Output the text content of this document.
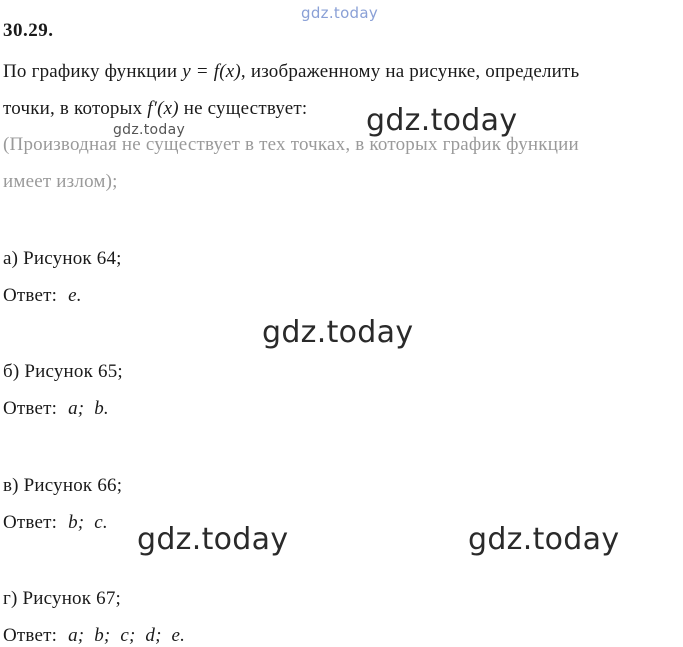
gdz.today
gdz.today	gdz.today
gdz.today
gdz.today	gdz.today
30.29.
По графику функции y = f(x), изображенному на рисунке, определить
точки, в которых f′(x) не существует:
(Производная не существует в тех точках, в которых график функции
имеет излом);
а) Рисунок 64;
Ответ: e.
б) Рисунок 65;
Ответ: a;  b.
в) Рисунок 66;
Ответ: b;  c.
г) Рисунок 67;
Ответ: a;  b;  c;  d;  e.
